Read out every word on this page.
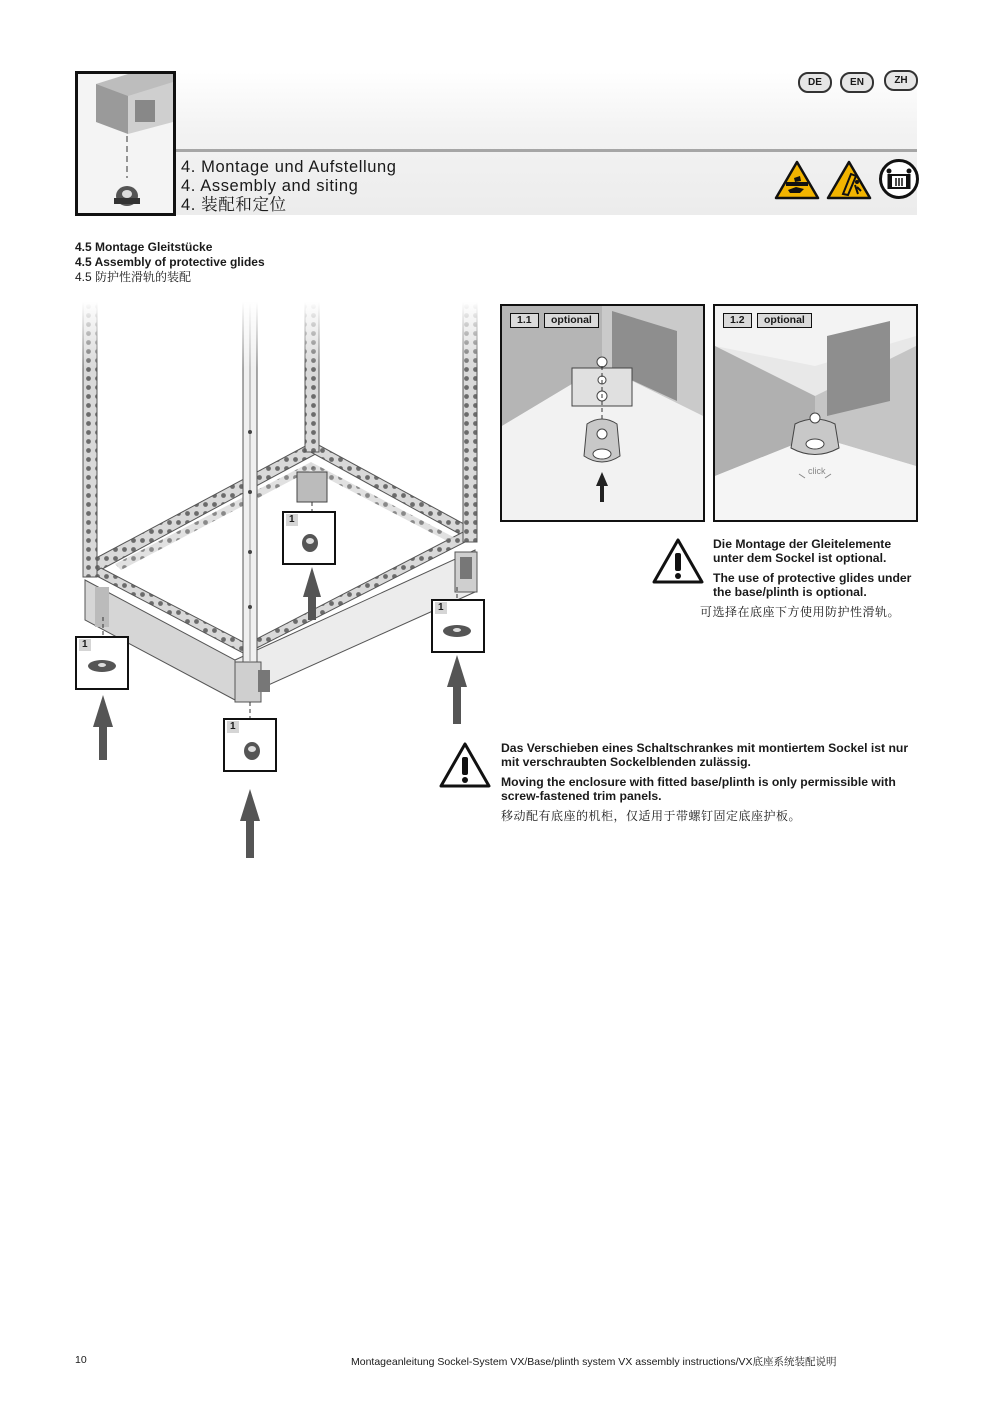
DE	EN	ZH
4. Montage und Aufstellung
4. Assembly and siting
4. 装配和定位
4.5 Montage Gleitstücke
4.5 Assembly of protective glides
4.5 防护性滑轨的装配
1
1
1
1
1.1	optional	1.2	optional
click

Die Montage der Gleitelemente unter dem Sockel ist optional.

The use of protective glides under the base/plinth is optional.

可选择在底座下方使用防护性滑轨。

Das Verschieben eines Schaltschrankes mit montiertem Sockel ist nur mit verschraubten Sockelblenden zulässig.

Moving the enclosure with fitted base/plinth is only permissible with screw-fastened trim panels.

移动配有底座的机柜，仅适用于带螺钉固定底座护板。

10	Montageanleitung Sockel-System VX/Base/plinth system VX assembly instructions/VX底座系统装配说明
